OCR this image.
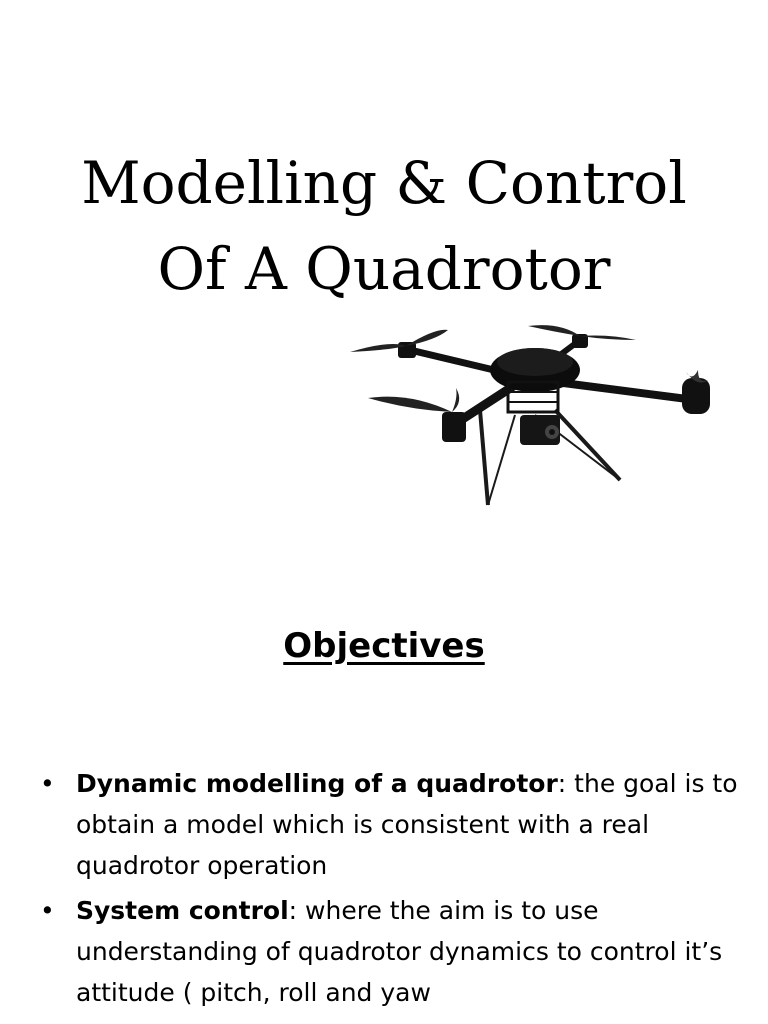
Modelling & Control
Of A Quadrotor
Objectives
• Dynamic modelling of a quadrotor: the goal is to obtain a model which is consistent with a real quadrotor operation
• System control: where the aim is to use understanding of quadrotor dynamics to control it’s attitude ( pitch, roll and yaw
